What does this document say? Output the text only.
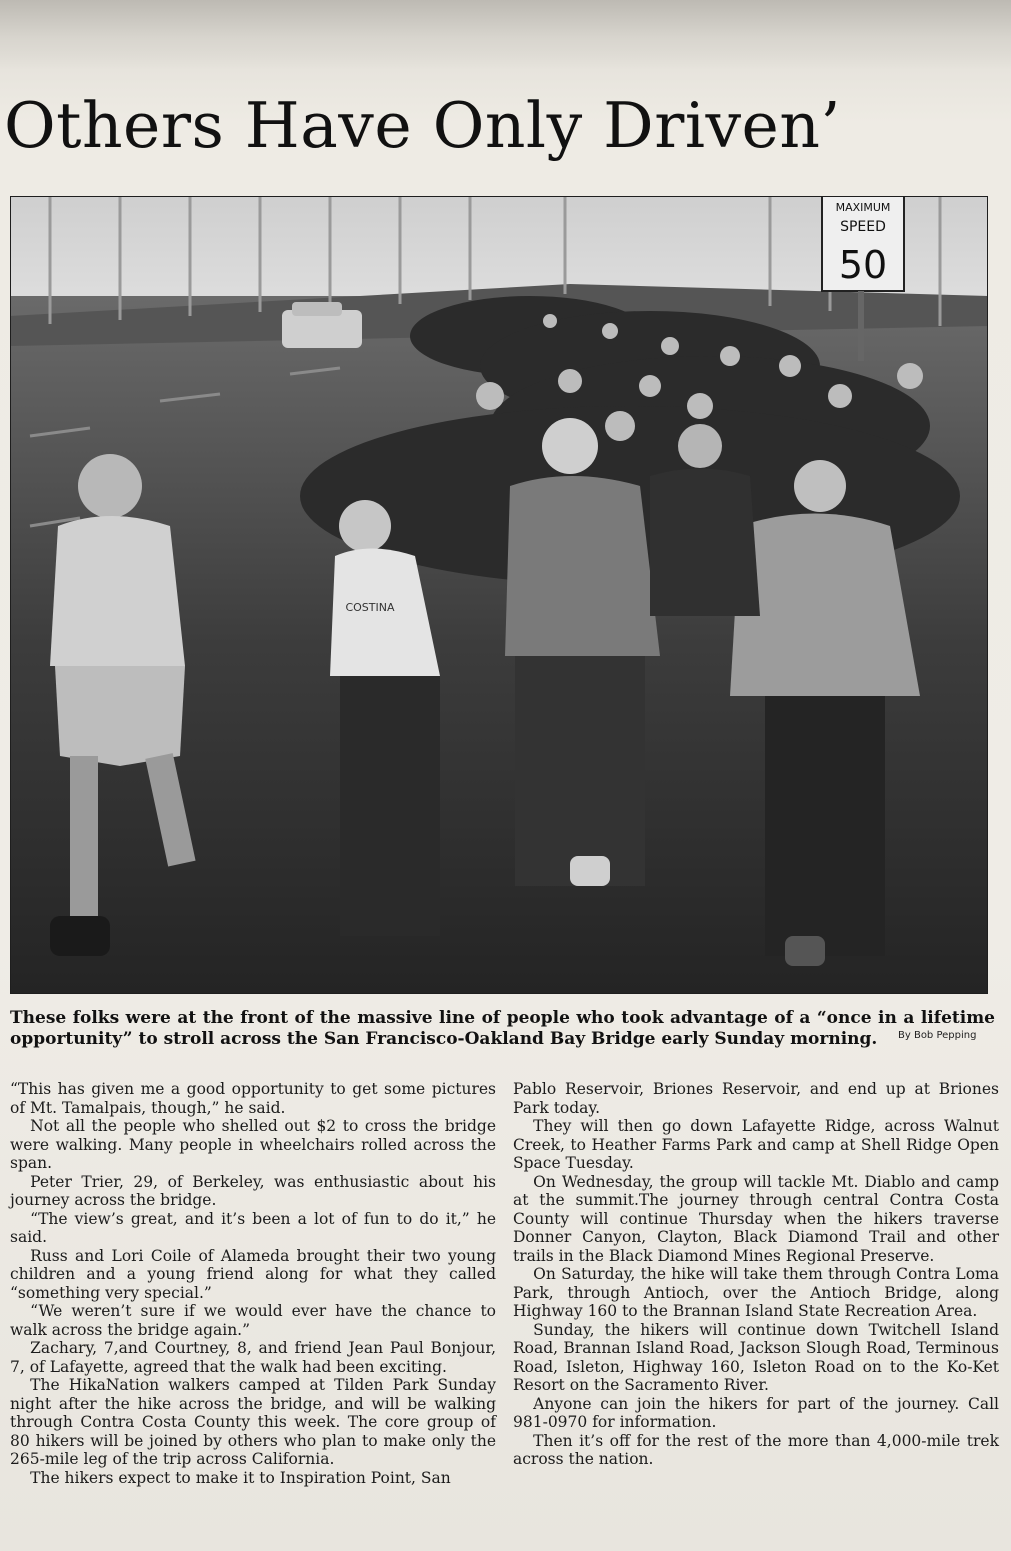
Others Have Only Driven’
MAXIMUM
SPEED
50
COSTINA
These folks were at the front of the massive line of people who took advantage of a “once in a lifetime opportunity” to stroll across the San Francisco-Oakland Bay Bridge early Sunday morning.	By Bob Pepping

“This has given me a good opportunity to get some pictures of Mt. Tamalpais, though,” he said.

Not all the people who shelled out $2 to cross the bridge were walking. Many people in wheelchairs rolled across the span.

Peter Trier, 29, of Berkeley, was enthusiastic about his journey across the bridge.

“The view’s great, and it’s been a lot of fun to do it,” he said.

Russ and Lori Coile of Alameda brought their two young children and a young friend along for what they called “something very special.”

“We weren’t sure if we would ever have the chance to walk across the bridge again.”

Zachary, 7,and Courtney, 8, and friend Jean Paul Bonjour, 7, of Lafayette, agreed that the walk had been exciting.

The HikaNation walkers camped at Tilden Park Sunday night after the hike across the bridge, and will be walking through Contra Costa County this week. The core group of 80 hikers will be joined by others who plan to make only the 265-mile leg of the trip across California.

The hikers expect to make it to Inspiration Point, San

Pablo Reservoir, Briones Reservoir, and end up at Briones Park today.

They will then go down Lafayette Ridge, across Walnut Creek, to Heather Farms Park and camp at Shell Ridge Open Space Tuesday.

On Wednesday, the group will tackle Mt. Diablo and camp at the summit.The journey through central Contra Costa County will continue Thursday when the hikers traverse Donner Canyon, Clayton, Black Diamond Trail and other trails in the Black Diamond Mines Regional Preserve.

On Saturday, the hike will take them through Contra Loma Park, through Antioch, over the Antioch Bridge, along Highway 160 to the Brannan Island State Recreation Area.

Sunday, the hikers will continue down Twitchell Island Road, Brannan Island Road, Jackson Slough Road, Terminous Road, Isleton, Highway 160, Isleton Road on to the Ko-Ket Resort on the Sacramento River.

Anyone can join the hikers for part of the journey. Call 981-0970 for information.

Then it’s off for the rest of the more than 4,000-mile trek across the nation.
